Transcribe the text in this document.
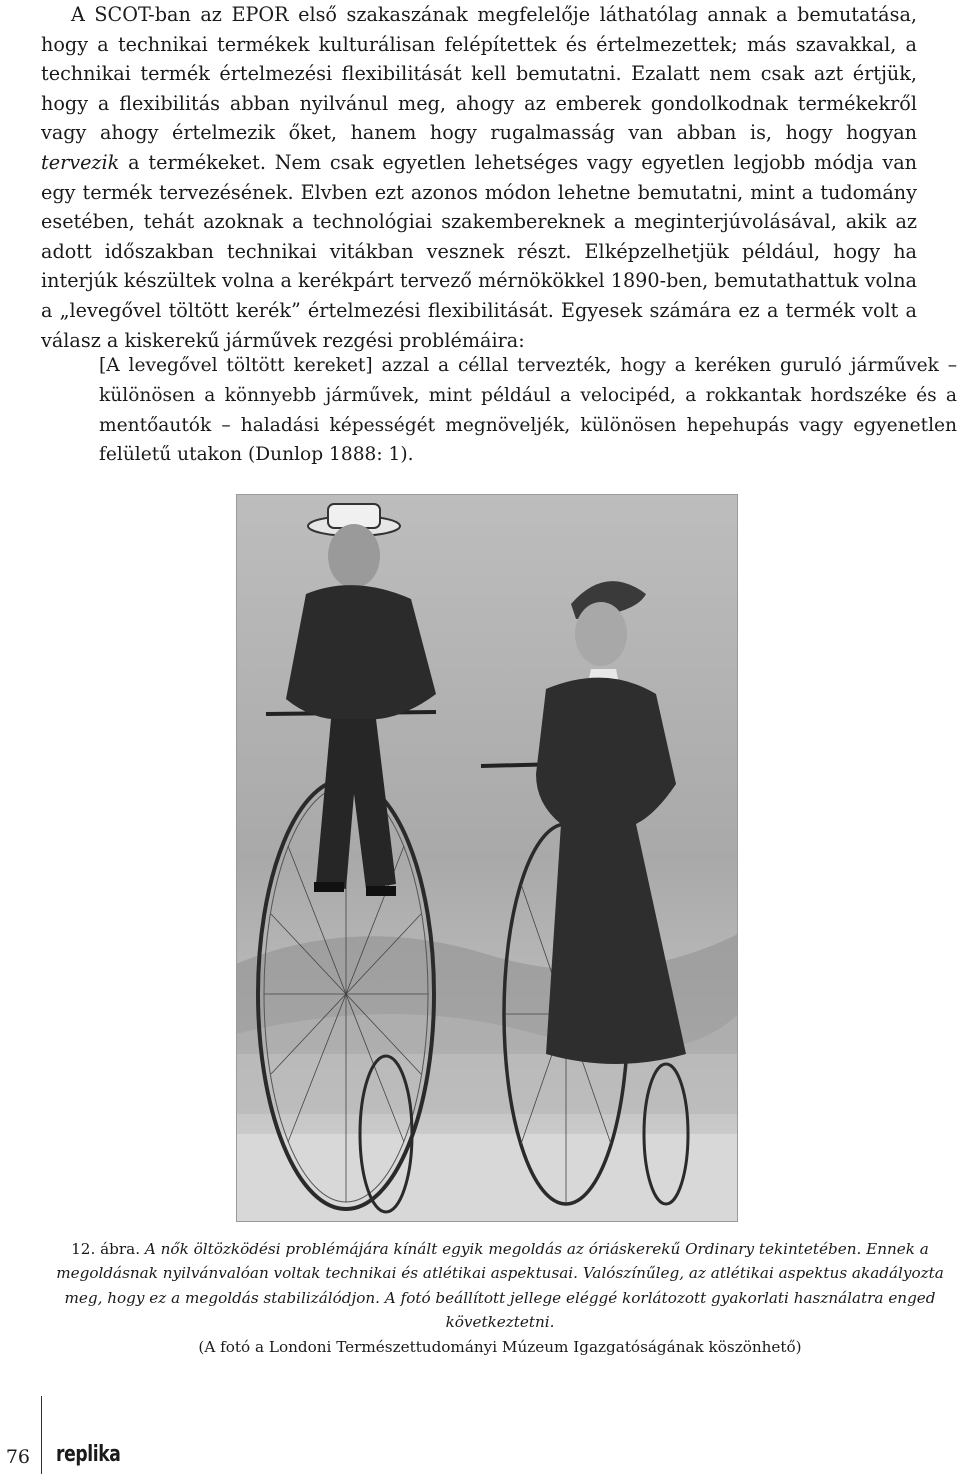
A SCOT-ban az EPOR első szakaszának megfelelője láthatólag annak a bemutatása, hogy a technikai termékek kulturálisan felépítettek és értelmezettek; más szavakkal, a technikai termék értelmezési flexibilitását kell bemutatni. Ezalatt nem csak azt értjük, hogy a flexibilitás abban nyilvánul meg, ahogy az emberek gondolkodnak termékekről vagy ahogy értelmezik őket, hanem hogy rugalmasság van abban is, hogy hogyan tervezik a termékeket. Nem csak egyetlen lehetséges vagy egyetlen legjobb módja van egy termék tervezésének. Elvben ezt azonos módon lehetne bemutatni, mint a tudomány esetében, tehát azoknak a technológiai szakembereknek a meginterjúvolásával, akik az adott időszakban technikai vitákban vesznek részt. Elképzelhetjük például, hogy ha interjúk készültek volna a kerékpárt tervező mérnökökkel 1890-ben, bemutathattuk volna a „levegővel töltött kerék” értelmezési flexibilitását. Egyesek számára ez a termék volt a válasz a kiskerekű járművek rezgési problémáira:

[A levegővel töltött kereket] azzal a céllal tervezték, hogy a keréken guruló járművek – különösen a könnyebb járművek, mint például a velocipéd, a rokkantak hordszéke és a mentőautók – haladási képességét megnöveljék, különösen hepehupás vagy egyenetlen felületű utakon (Dunlop 1888: 1).

12. ábra. A nők öltözködési problémájára kínált egyik megoldás az óriáskerekű Ordinary tekintetében. Ennek a megoldásnak nyilvánvalóan voltak technikai és atlétikai aspektusai. Valószínűleg, az atlétikai aspektus akadályozta meg, hogy ez a megoldás stabilizálódjon. A fotó beállított jellege eléggé korlátozott gyakorlati használatra enged következtetni.

(A fotó a Londoni Természettudományi Múzeum Igazgatóságának köszönhető)

76 replika
